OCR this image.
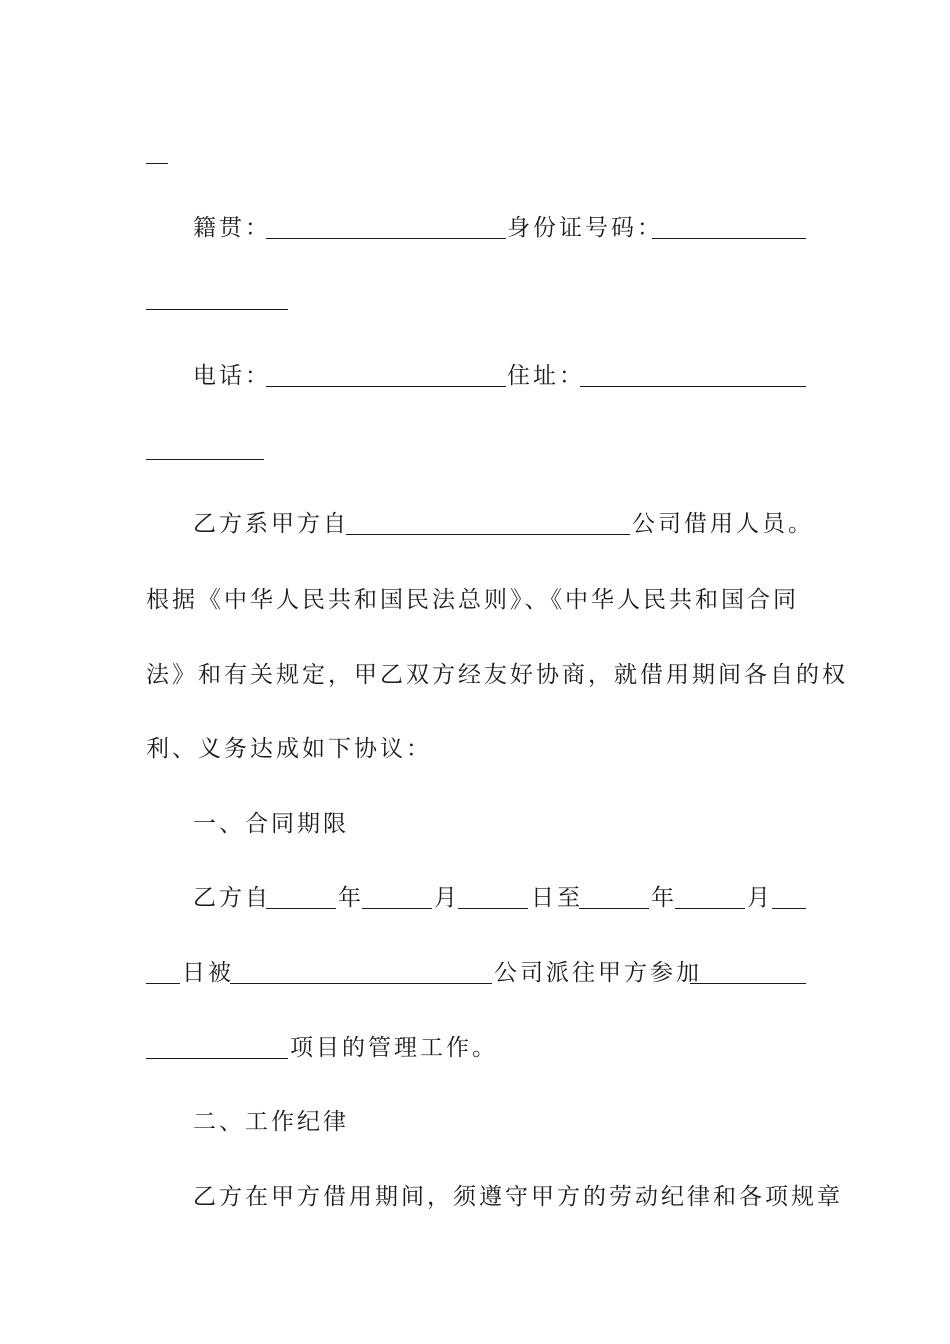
籍贯：	身份证号码：
电话：	住址：
乙方系甲方自	公司借用人员。
根据《中华人民共和国民法总则》、《中华人民共和国合同
法》和有关规定，甲乙双方经友好协商，就借用期间各自的权
利、义务达成如下协议：
一、合同期限
乙方自	年	月	日至	年	月
日被	公司派往甲方参加
项目的管理工作。
二、工作纪律
乙方在甲方借用期间，须遵守甲方的劳动纪律和各项规章
